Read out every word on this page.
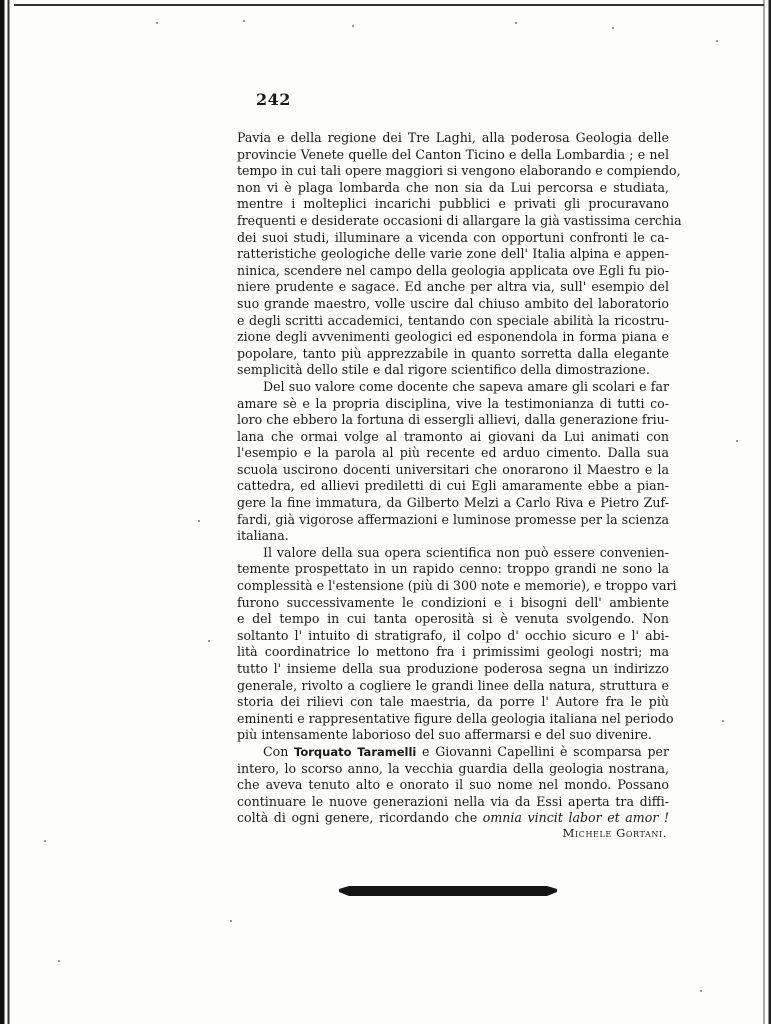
242
Pavia e della regione dei Tre Laghi, alla poderosa Geologia delle
provincie Venete quelle del Canton Ticino e della Lombardia ; e nel
tempo in cui tali opere maggiori si vengono elaborando e compiendo,
non vi è plaga lombarda che non sia da Lui percorsa e studiata,
mentre i molteplici incarichi pubblici e privati gli procuravano
frequenti e desiderate occasioni di allargare la già vastissima cerchia
dei suoi studi, illuminare a vicenda con opportuni confronti le ca-
ratteristiche geologiche delle varie zone dell' Italia alpina e appen-
ninica, scendere nel campo della geologia applicata ove Egli fu pio-
niere prudente e sagace. Ed anche per altra via, sull' esempio del
suo grande maestro, volle uscire dal chiuso ambito del laboratorio
e degli scritti accademici, tentando con speciale abilità la ricostru-
zione degli avvenimenti geologici ed esponendola in forma piana e
popolare, tanto più apprezzabile in quanto sorretta dalla elegante
semplicità dello stile e dal rigore scientifico della dimostrazione.
Del suo valore come docente che sapeva amare gli scolari e far
amare sè e la propria disciplina, vive la testimonianza di tutti co-
loro che ebbero la fortuna di essergli allievi, dalla generazione friu-
lana che ormai volge al tramonto ai giovani da Lui animati con
l'esempio e la parola al più recente ed arduo cimento. Dalla sua
scuola uscirono docenti universitari che onorarono il Maestro e la
cattedra, ed allievi prediletti di cui Egli amaramente ebbe a pian-
gere la fine immatura, da Gilberto Melzi a Carlo Riva e Pietro Zuf-
fardi, già vigorose affermazioni e luminose promesse per la scienza
italiana.
Il valore della sua opera scientifica non può essere convenien-
temente prospettato in un rapido cenno: troppo grandi ne sono la
complessità e l'estensione (più di 300 note e memorie), e troppo vari
furono successivamente le condizioni e i bisogni dell' ambiente
e del tempo in cui tanta operosità si è venuta svolgendo. Non
soltanto l' intuito di stratigrafo, il colpo d' occhio sicuro e l' abi-
lità coordinatrice lo mettono fra i primissimi geologi nostri; ma
tutto l' insieme della sua produzione poderosa segna un indirizzo
generale, rivolto a cogliere le grandi linee della natura, struttura e
storia dei rilievi con tale maestria, da porre l' Autore fra le più
eminenti e rappresentative figure della geologia italiana nel periodo
più intensamente laborioso del suo affermarsi e del suo divenire.
Con Torquato Taramelli e Giovanni Capellini è scomparsa per
intero, lo scorso anno, la vecchia guardia della geologia nostrana,
che aveva tenuto alto e onorato il suo nome nel mondo. Possano
continuare le nuove generazioni nella via da Essi aperta tra diffi-
coltà di ogni genere, ricordando che omnia vincit labor et amor !
Michele Gortani.
